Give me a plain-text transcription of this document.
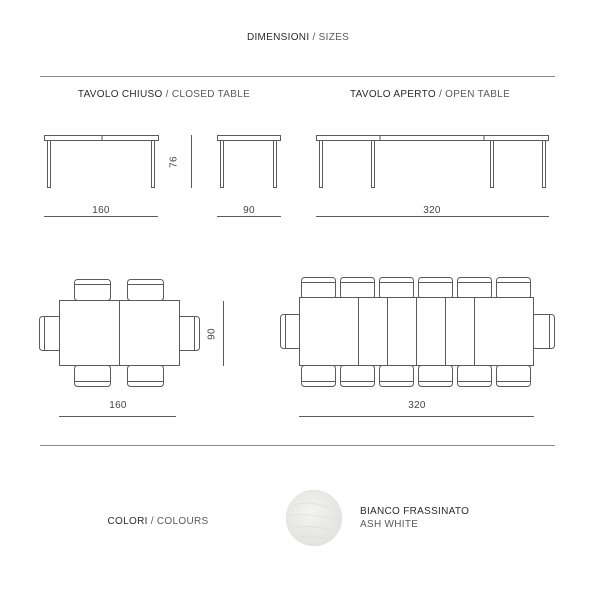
DIMENSIONI / SIZES
TAVOLO CHIUSO / CLOSED TABLE	TAVOLO APERTO / OPEN TABLE
76
160	90	320
90
160	320
COLORI / COLOURS
BIANCO FRASSINATO
ASH WHITE
